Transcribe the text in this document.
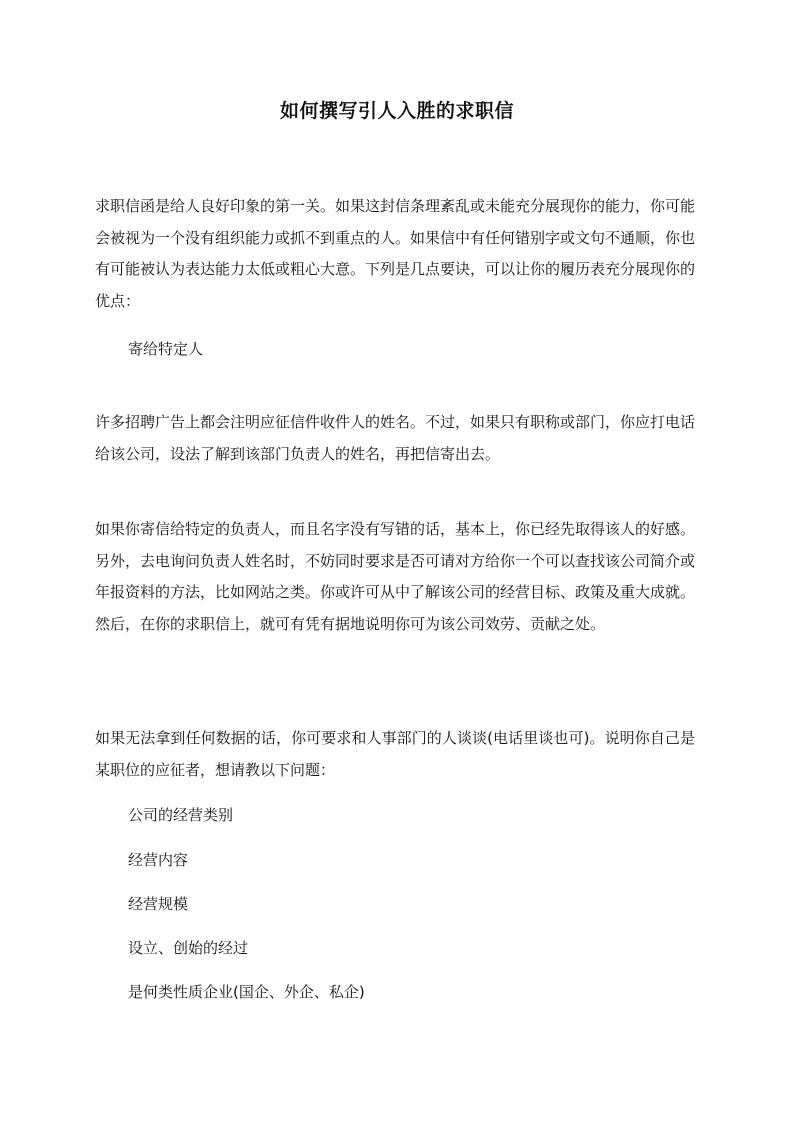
如何撰写引人入胜的求职信
求职信函是给人良好印象的第一关。如果这封信条理紊乱或未能充分展现你的能力，你可能会被视为一个没有组织能力或抓不到重点的人。如果信中有任何错别字或文句不通顺，你也有可能被认为表达能力太低或粗心大意。下列是几点要诀，可以让你的履历表充分展现你的优点：
寄给特定人
许多招聘广告上都会注明应征信件收件人的姓名。不过，如果只有职称或部门，你应打电话给该公司，设法了解到该部门负责人的姓名，再把信寄出去。
如果你寄信给特定的负责人，而且名字没有写错的话，基本上，你已经先取得该人的好感。另外，去电询问负责人姓名时，不妨同时要求是否可请对方给你一个可以查找该公司简介或年报资料的方法，比如网站之类。你或许可从中了解该公司的经营目标、政策及重大成就。然后，在你的求职信上，就可有凭有据地说明你可为该公司效劳、贡献之处。
如果无法拿到任何数据的话，你可要求和人事部门的人谈谈(电话里谈也可)。说明你自己是某职位的应征者，想请教以下问题：
公司的经营类别
经营内容
经营规模
设立、创始的经过
是何类性质企业(国企、外企、私企)
